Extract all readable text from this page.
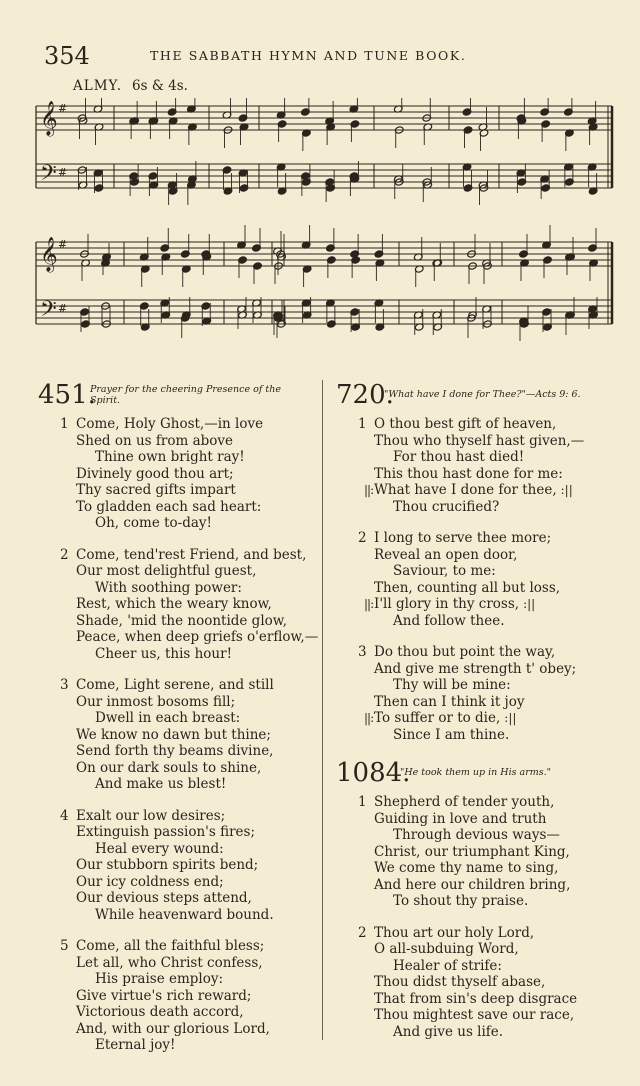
354	THE SABBATH HYMN AND TUNE BOOK.
ALMY. 6s & 4s.
𝄞
𝄢
#
#
𝄞
𝄢
#
#
451.
Prayer for the cheering Presence of the Spirit.
1 Come, Holy Ghost,—in love
Shed on us from above
Thine own bright ray!
Divinely good thou art;
Thy sacred gifts impart
To gladden each sad heart:
Oh, come to-day!
2 Come, tend'rest Friend, and best,
Our most delightful guest,
With soothing power:
Rest, which the weary know,
Shade, 'mid the noontide glow,
Peace, when deep griefs o'erflow,—
Cheer us, this hour!
3 Come, Light serene, and still
Our inmost bosoms fill;
Dwell in each breast:
We know no dawn but thine;
Send forth thy beams divine,
On our dark souls to shine,
And make us blest!
4 Exalt our low desires;
Extinguish passion's fires;
Heal every wound:
Our stubborn spirits bend;
Our icy coldness end;
Our devious steps attend,
While heavenward bound.
5 Come, all the faithful bless;
Let all, who Christ confess,
His praise employ:
Give virtue's rich reward;
Victorious death accord,
And, with our glorious Lord,
Eternal joy!
720.
"What have I done for Thee?"—Acts 9: 6.
1 O thou best gift of heaven,
Thou who thyself hast given,—
For thou hast died!
This thou hast done for me:
||: What have I done for thee, :||
Thou crucified?
2 I long to serve thee more;
Reveal an open door,
Saviour, to me:
Then, counting all but loss,
||: I'll glory in thy cross, :||
And follow thee.
3 Do thou but point the way,
And give me strength t' obey;
Thy will be mine:
Then can I think it joy
||: To suffer or to die, :||
Since I am thine.
1084.
"He took them up in His arms."
1 Shepherd of tender youth,
Guiding in love and truth
Through devious ways—
Christ, our triumphant King,
We come thy name to sing,
And here our children bring,
To shout thy praise.
2 Thou art our holy Lord,
O all-subduing Word,
Healer of strife:
Thou didst thyself abase,
That from sin's deep disgrace
Thou mightest save our race,
And give us life.
